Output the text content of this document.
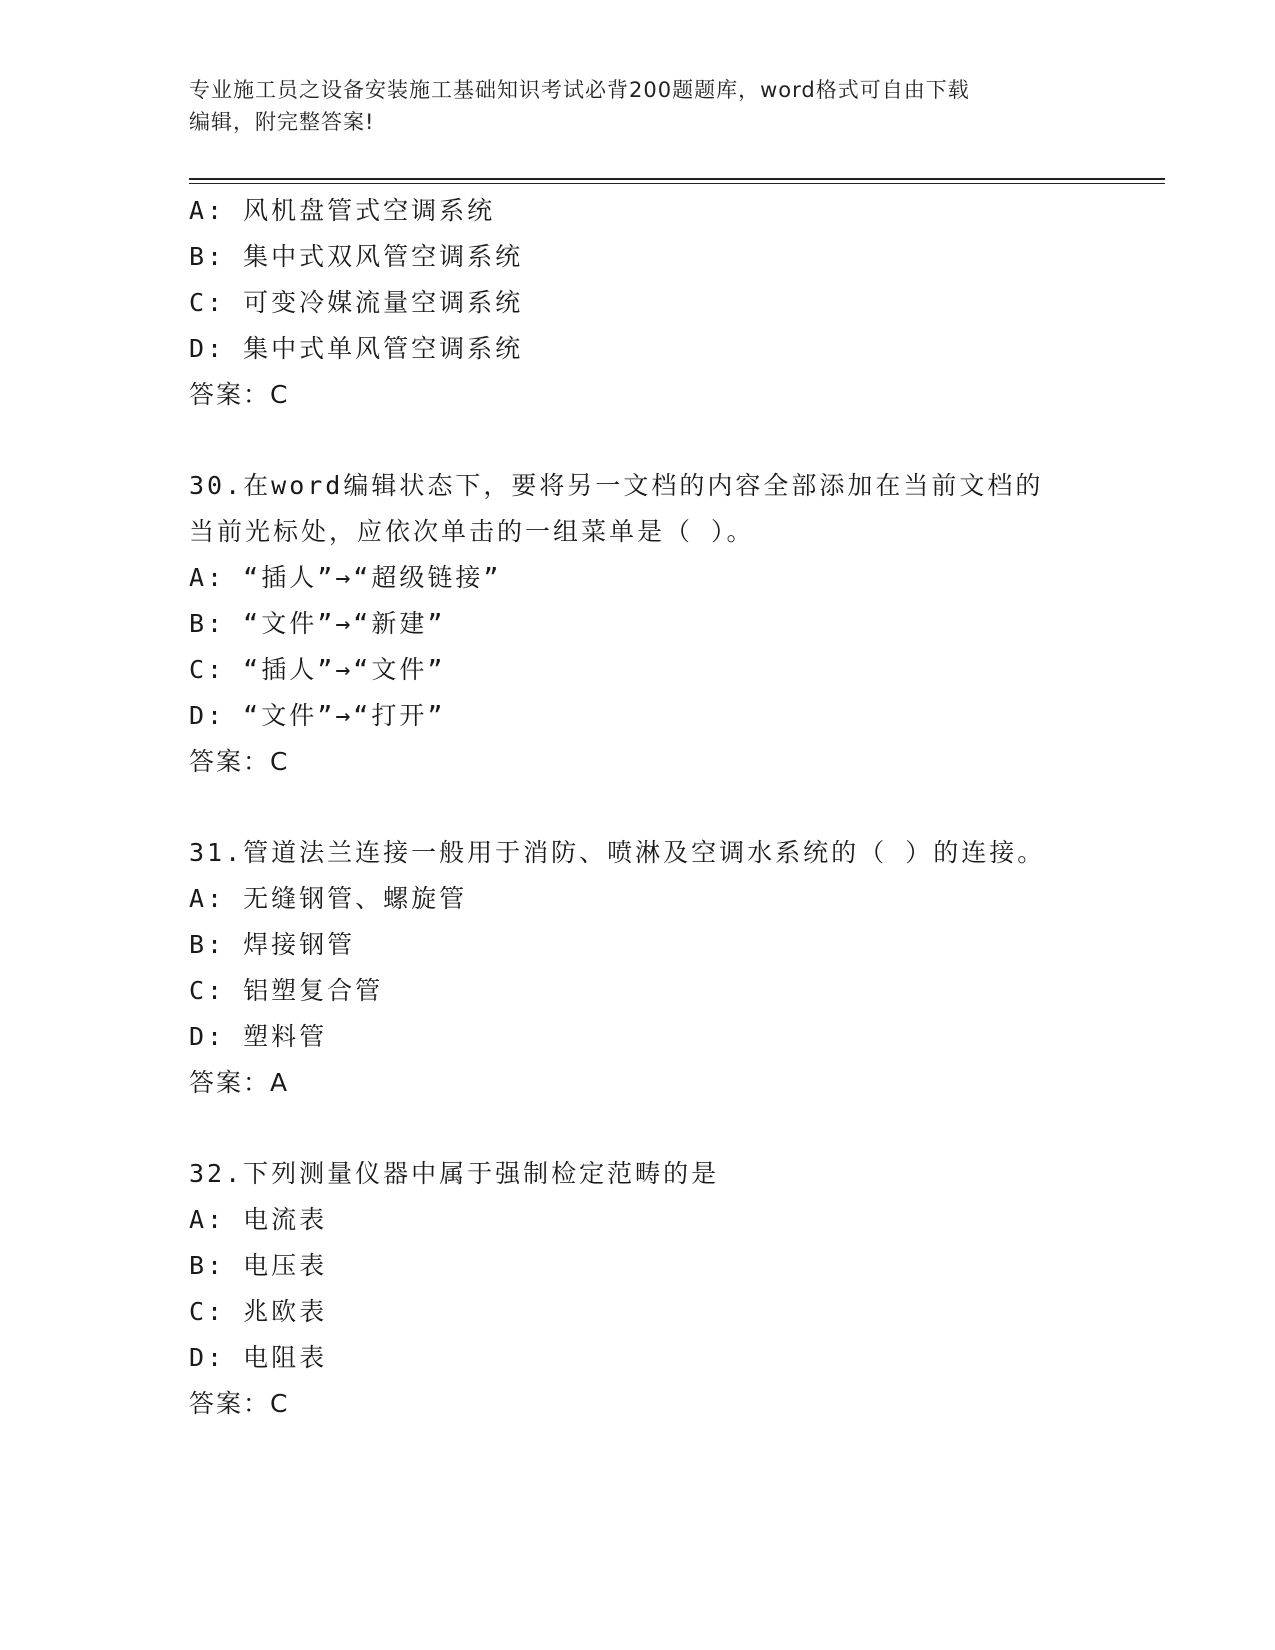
专业施工员之设备安装施工基础知识考试必背200题题库，word格式可自由下载
编辑，附完整答案!
A: 风机盘管式空调系统
B: 集中式双风管空调系统
C: 可变冷媒流量空调系统
D: 集中式单风管空调系统
答案：C
30.在word编辑状态下，要将另一文档的内容全部添加在当前文档的
当前光标处，应依次单击的一组菜单是（ ）。
A: “插人”→“超级链接”
B: “文件”→“新建”
C: “插人”→“文件”
D: “文件”→“打开”
答案：C
31.管道法兰连接一般用于消防、喷淋及空调水系统的（ ）的连接。
A: 无缝钢管、螺旋管
B: 焊接钢管
C: 铝塑复合管
D: 塑料管
答案：A
32.下列测量仪器中属于强制检定范畴的是
A: 电流表
B: 电压表
C: 兆欧表
D: 电阻表
答案：C
